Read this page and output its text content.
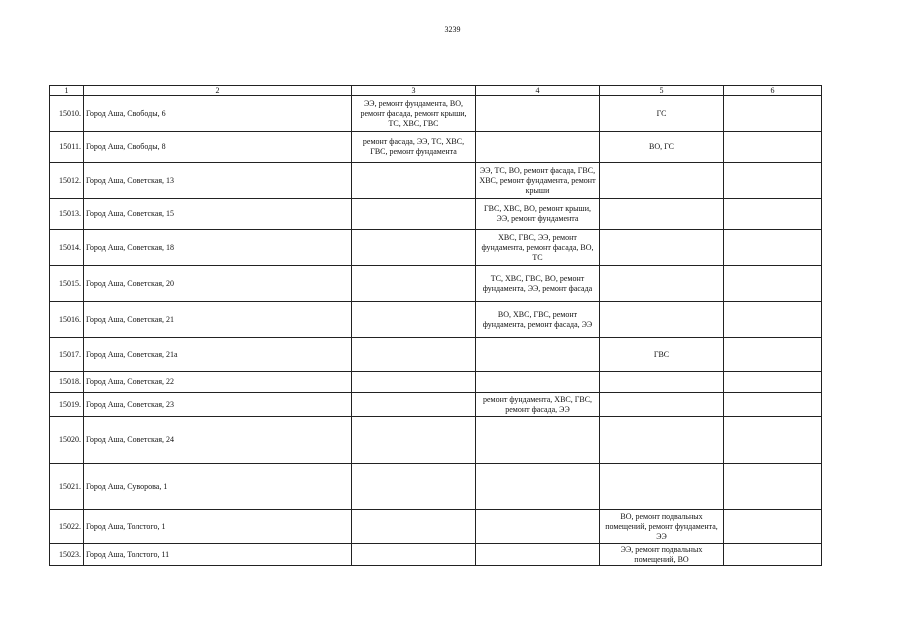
3239
1	2	3	4	5	6
15010.	Город Аша, Свободы, 6	ЭЭ, ремонт фундамента, ВО, ремонт фасада, ремонт крыши, ТС, ХВС, ГВС		ГС	
15011.	Город Аша, Свободы, 8	ремонт фасада, ЭЭ, ТС, ХВС, ГВС, ремонт фундамента		ВО, ГС	
15012.	Город Аша, Советская, 13		ЭЭ, ТС, ВО, ремонт фасада, ГВС, ХВС, ремонт фундамента, ремонт крыши		
15013.	Город Аша, Советская, 15		ГВС, ХВС, ВО, ремонт крыши, ЭЭ, ремонт фундамента		
15014.	Город Аша, Советская, 18		ХВС, ГВС, ЭЭ, ремонт фундамента, ремонт фасада, ВО, ТС		
15015.	Город Аша, Советская, 20		ТС, ХВС, ГВС, ВО, ремонт фундамента, ЭЭ, ремонт фасада		
15016.	Город Аша, Советская, 21		ВО, ХВС, ГВС, ремонт фундамента, ремонт фасада, ЭЭ		
15017.	Город Аша, Советская, 21а			ГВС	
15018.	Город Аша, Советская, 22				
15019.	Город Аша, Советская, 23		ремонт фундамента, ХВС, ГВС, ремонт фасада, ЭЭ		
15020.	Город Аша, Советская, 24				
15021.	Город Аша, Суворова, 1				
15022.	Город Аша, Толстого, 1			ВО, ремонт подвальных помещений, ремонт фундамента, ЭЭ	
15023.	Город Аша, Толстого, 11			ЭЭ, ремонт подвальных помещений, ВО	
